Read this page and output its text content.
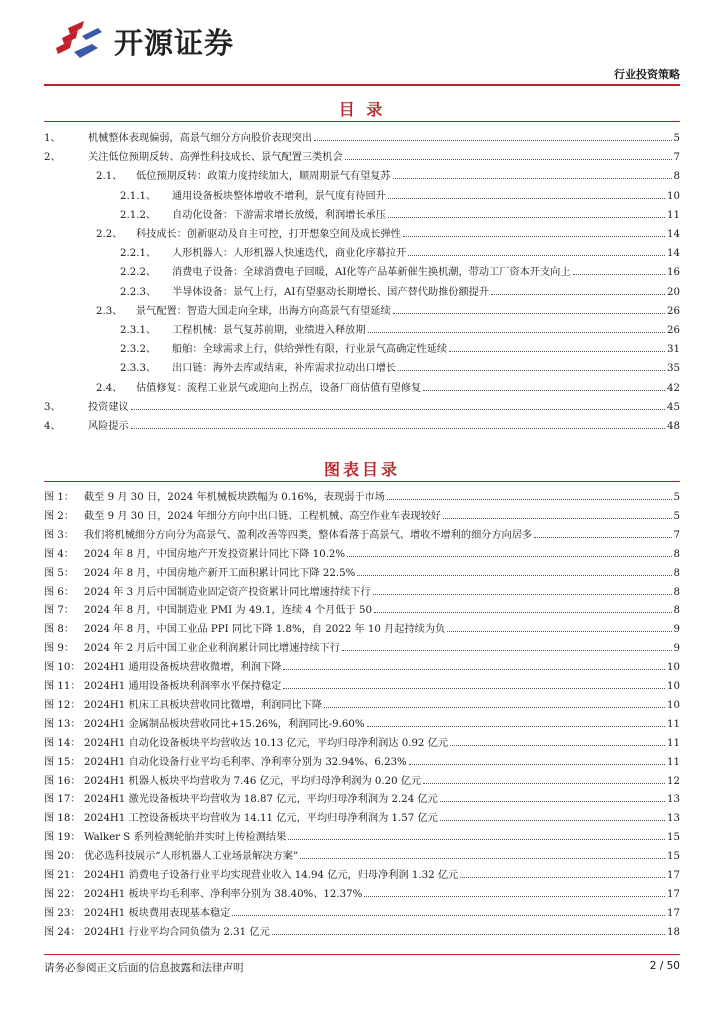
开源证券
行业投资策略
目 录
1、	机械整体表现偏弱，高景气细分方向股价表现突出	5
2、	关注低位预期反转、高弹性科技成长、景气配置三类机会	7
2.1、	低位预期反转：政策力度持续加大，顺周期景气有望复苏	8
2.1.1、	通用设备板块整体增收不增利，景气度有待回升	10
2.1.2、	自动化设备：下游需求增长放缓，利润增长承压	11
2.2、	科技成长：创新驱动及自主可控，打开想象空间及成长弹性	14
2.2.1、	人形机器人：人形机器人快速迭代，商业化序幕拉开	14
2.2.2、	消费电子设备：全球消费电子回暖，AI化等产品革新催生换机潮，带动工厂资本开支向上	16
2.2.3、	半导体设备：景气上行，AI有望驱动长期增长、国产替代助推份额提升	20
2.3、	景气配置：智造大国走向全球，出海方向高景气有望延续	26
2.3.1、	工程机械：景气复苏前期，业绩进入释放期	26
2.3.2、	船舶：全球需求上行，供给弹性有限，行业景气高确定性延续	31
2.3.3、	出口链：海外去库或结束，补库需求拉动出口增长	35
2.4、	估值修复：流程工业景气或迎向上拐点，设备厂商估值有望修复	42
3、	投资建议	45
4、	风险提示	48
图表目录
图 1： 截至 9 月 30 日，2024 年机械板块跌幅为 0.16%，表现弱于市场	5
图 2： 截至 9 月 30 日，2024 年细分方向中出口链、工程机械、高空作业车表现较好	5
图 3： 我们将机械细分方向分为高景气、盈利改善等四类，整体看落于高景气、增收不增利的细分方向居多	7
图 4： 2024 年 8 月，中国房地产开发投资累计同比下降 10.2%	8
图 5： 2024 年 8 月，中国房地产新开工面积累计同比下降 22.5%	8
图 6： 2024 年 3 月后中国制造业固定资产投资累计同比增速持续下行	8
图 7： 2024 年 8 月，中国制造业 PMI 为 49.1，连续 4 个月低于 50	8
图 8： 2024 年 8 月，中国工业品 PPI 同比下降 1.8%，自 2022 年 10 月起持续为负	9
图 9： 2024 年 2 月后中国工业企业利润累计同比增速持续下行	9
图 10： 2024H1 通用设备板块营收微增，利润下降	10
图 11： 2024H1 通用设备板块利润率水平保持稳定	10
图 12： 2024H1 机床工具板块营收同比微增，利润同比下降	10
图 13： 2024H1 金属制品板块营收同比+15.26%，利润同比-9.60%	11
图 14： 2024H1 自动化设备板块平均营收达 10.13 亿元，平均归母净利润达 0.92 亿元	11
图 15： 2024H1 自动化设备行业平均毛利率、净利率分别为 32.94%、6.23%	11
图 16： 2024H1 机器人板块平均营收为 7.46 亿元，平均归母净利润为 0.20 亿元	12
图 17： 2024H1 激光设备板块平均营收为 18.87 亿元，平均归母净利润为 2.24 亿元	13
图 18： 2024H1 工控设备板块平均营收为 14.11 亿元，平均归母净利润为 1.57 亿元	13
图 19： Walker S 系列检测轮胎并实时上传检测结果	15
图 20： 优必选科技展示“人形机器人工业场景解决方案”	15
图 21： 2024H1 消费电子设备行业平均实现营业收入 14.94 亿元，归母净利润 1.32 亿元	17
图 22： 2024H1 板块平均毛利率、净利率分别为 38.40%、12.37%	17
图 23： 2024H1 板块费用表现基本稳定	17
图 24： 2024H1 行业平均合同负债为 2.31 亿元	18
请务必参阅正文后面的信息披露和法律声明	2 / 50
